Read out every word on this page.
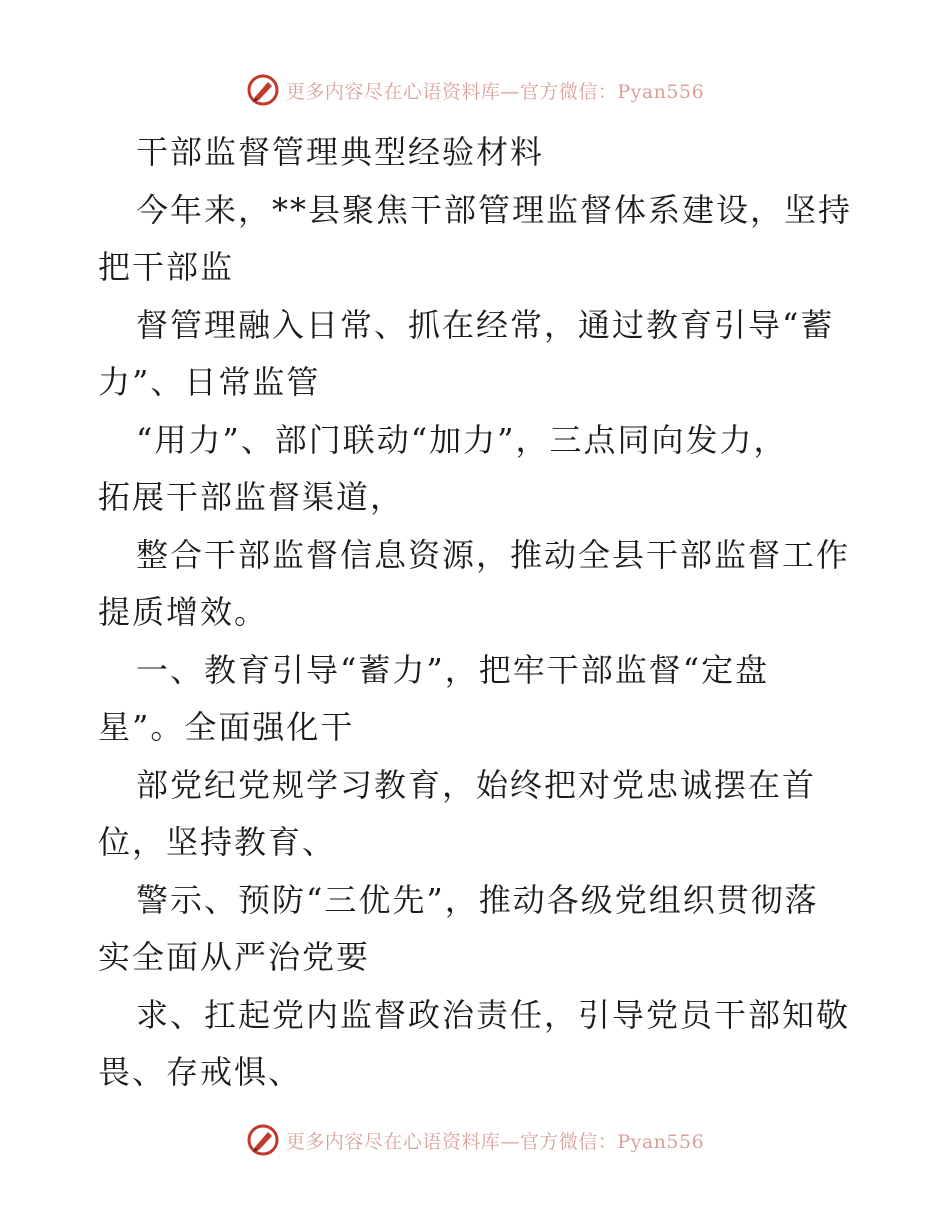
更多内容尽在心语资料库—官方微信：Pyan556
干部监督管理典型经验材料
今年来，**县聚焦干部管理监督体系建设，坚持
把干部监
督管理融入日常、抓在经常，通过教育引导“蓄
力”、日常监管
“用力”、部门联动“加力”，三点同向发力，
拓展干部监督渠道，
整合干部监督信息资源，推动全县干部监督工作
提质增效。
一、教育引导“蓄力”，把牢干部监督“定盘
星”。全面强化干
部党纪党规学习教育，始终把对党忠诚摆在首
位，坚持教育、
警示、预防“三优先”，推动各级党组织贯彻落
实全面从严治党要
求、扛起党内监督政治责任，引导党员干部知敬
畏、存戒惧、
更多内容尽在心语资料库—官方微信：Pyan556
